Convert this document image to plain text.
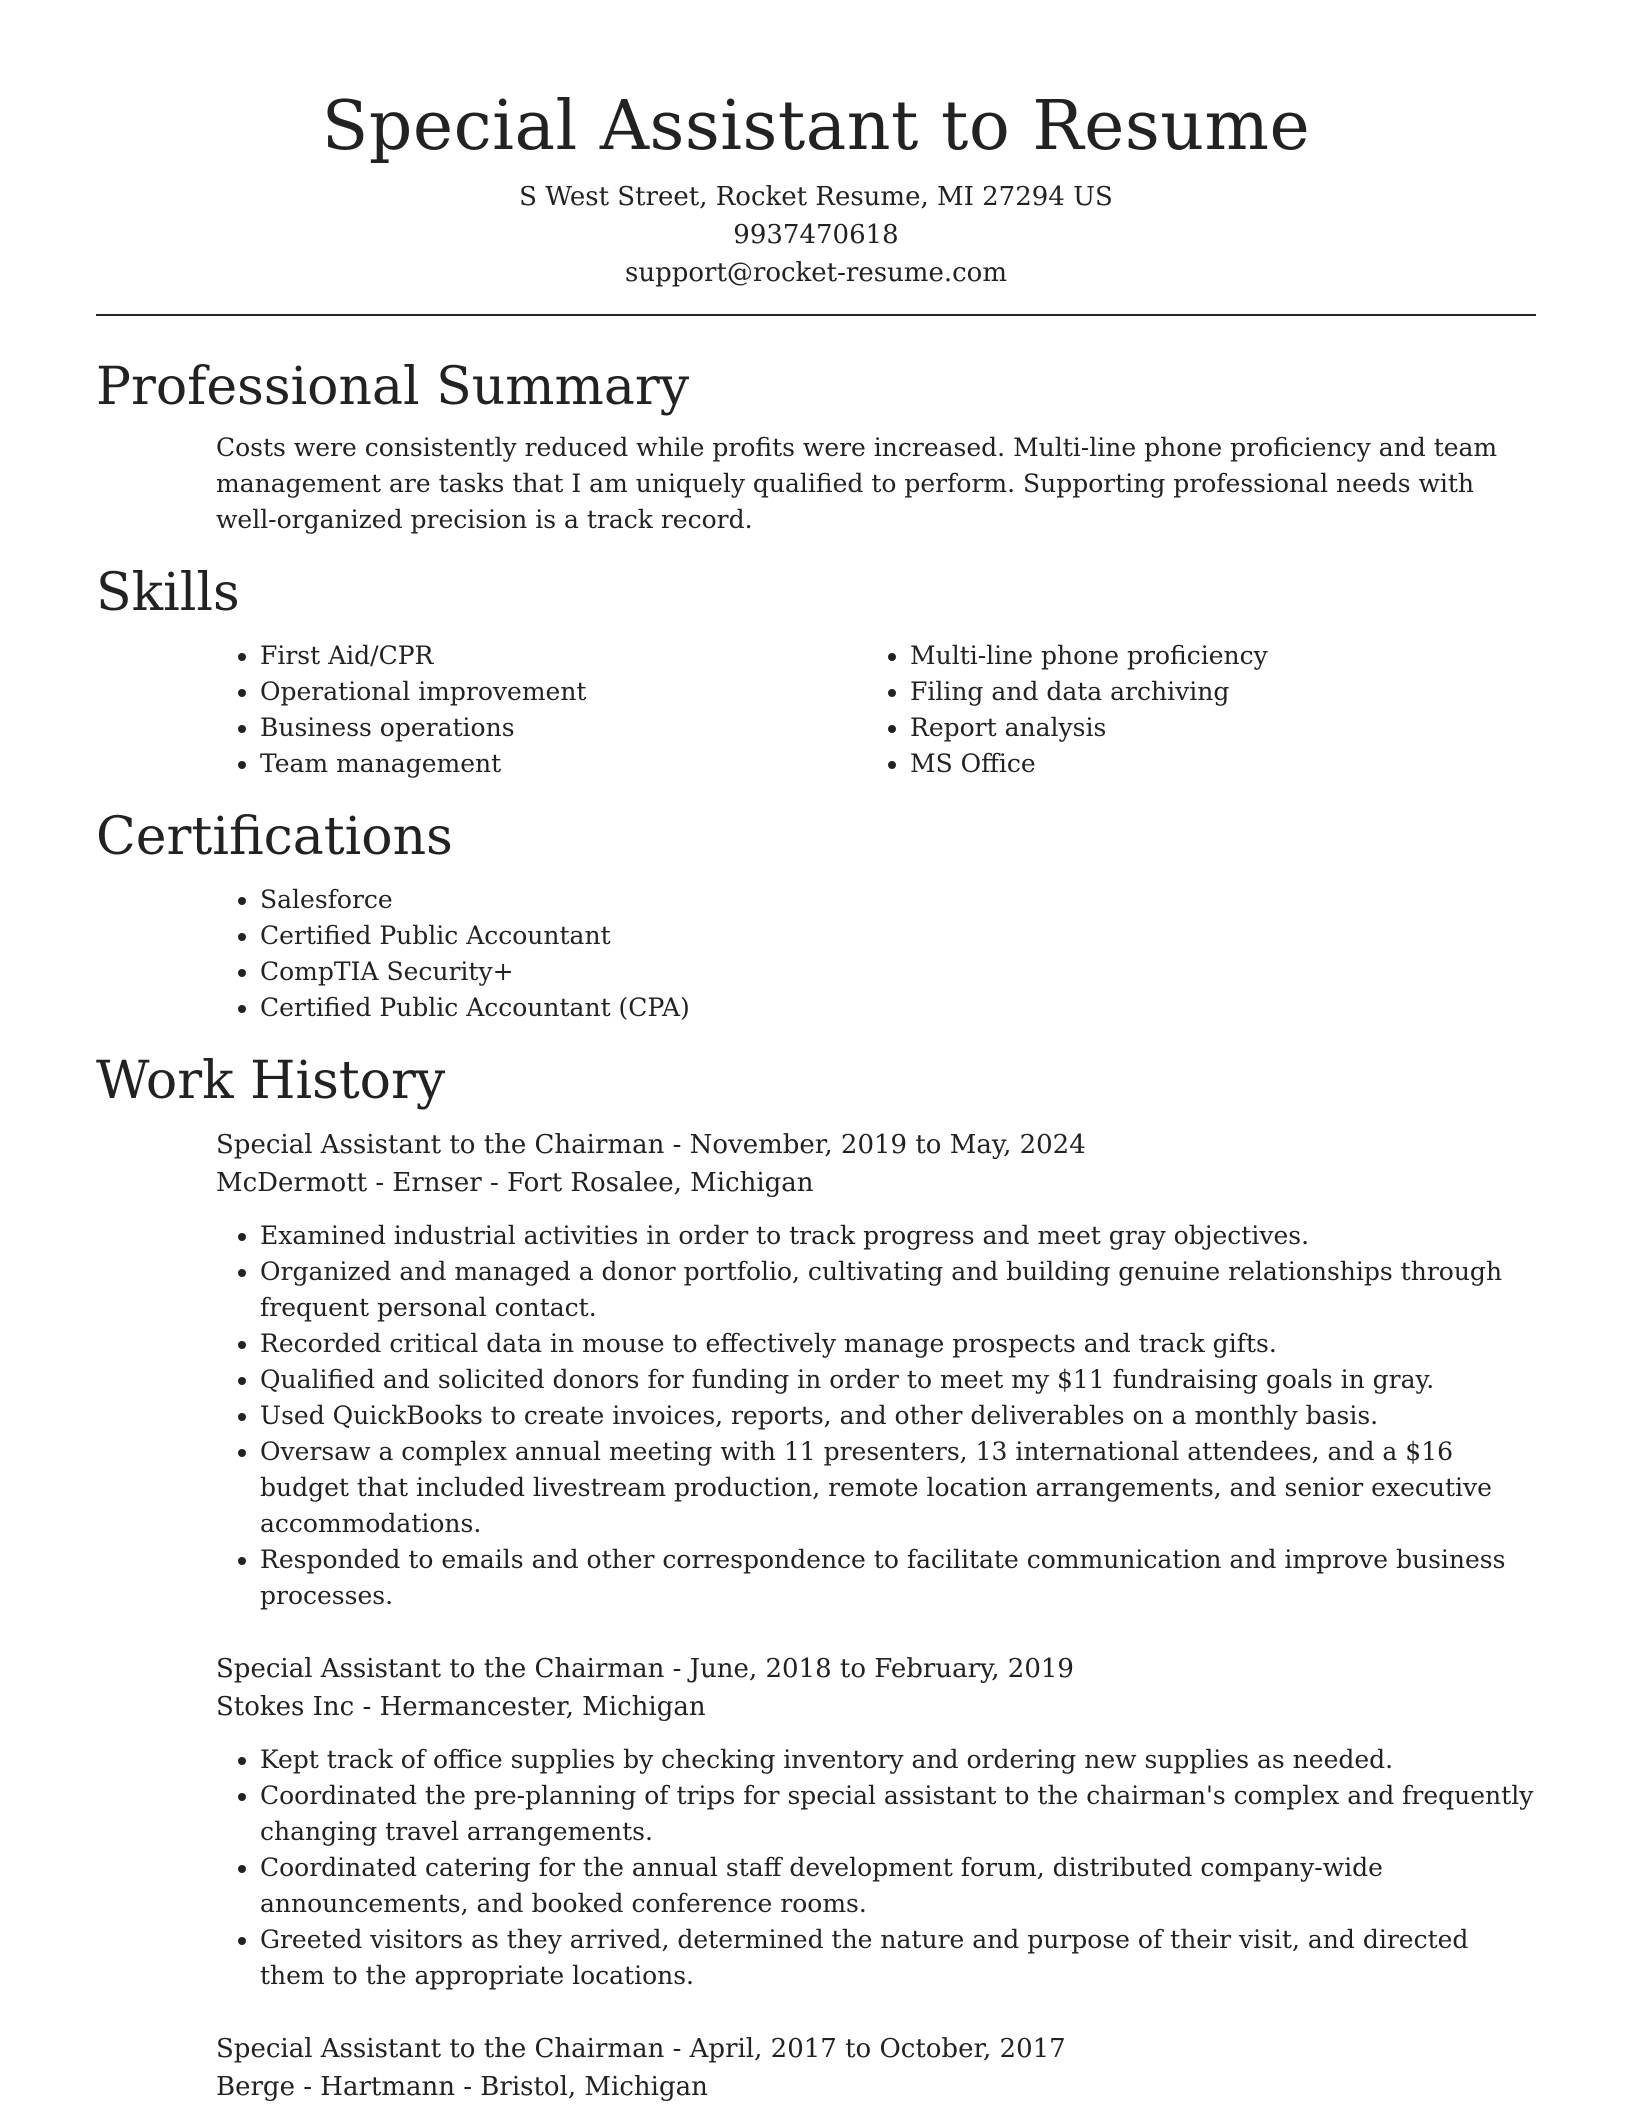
Special Assistant to Resume

S West Street, Rocket Resume, MI 27294 US

9937470618

support@rocket-resume.com

Professional Summary

Costs were consistently reduced while profits were increased. Multi-line phone proficiency and team management are tasks that I am uniquely qualified to perform. Supporting professional needs with well-organized precision is a track record.

Skills
• First Aid/CPR
• Operational improvement
• Business operations
• Team management
• Multi-line phone proficiency
• Filing and data archiving
• Report analysis
• MS Office
Certifications
• Salesforce
• Certified Public Accountant
• CompTIA Security+
• Certified Public Accountant (CPA)
Work History

Special Assistant to the Chairman - November, 2019 to May, 2024

McDermott - Ernser - Fort Rosalee, Michigan

• Examined industrial activities in order to track progress and meet gray objectives.
• Organized and managed a donor portfolio, cultivating and building genuine relationships through frequent personal contact.
• Recorded critical data in mouse to effectively manage prospects and track gifts.
• Qualified and solicited donors for funding in order to meet my $11 fundraising goals in gray.
• Used QuickBooks to create invoices, reports, and other deliverables on a monthly basis.
• Oversaw a complex annual meeting with 11 presenters, 13 international attendees, and a $16 budget that included livestream production, remote location arrangements, and senior executive accommodations.
• Responded to emails and other correspondence to facilitate communication and improve business processes.

Special Assistant to the Chairman - June, 2018 to February, 2019

Stokes Inc - Hermancester, Michigan

• Kept track of office supplies by checking inventory and ordering new supplies as needed.
• Coordinated the pre-planning of trips for special assistant to the chairman's complex and frequently changing travel arrangements.
• Coordinated catering for the annual staff development forum, distributed company-wide announcements, and booked conference rooms.
• Greeted visitors as they arrived, determined the nature and purpose of their visit, and directed them to the appropriate locations.

Special Assistant to the Chairman - April, 2017 to October, 2017

Berge - Hartmann - Bristol, Michigan
